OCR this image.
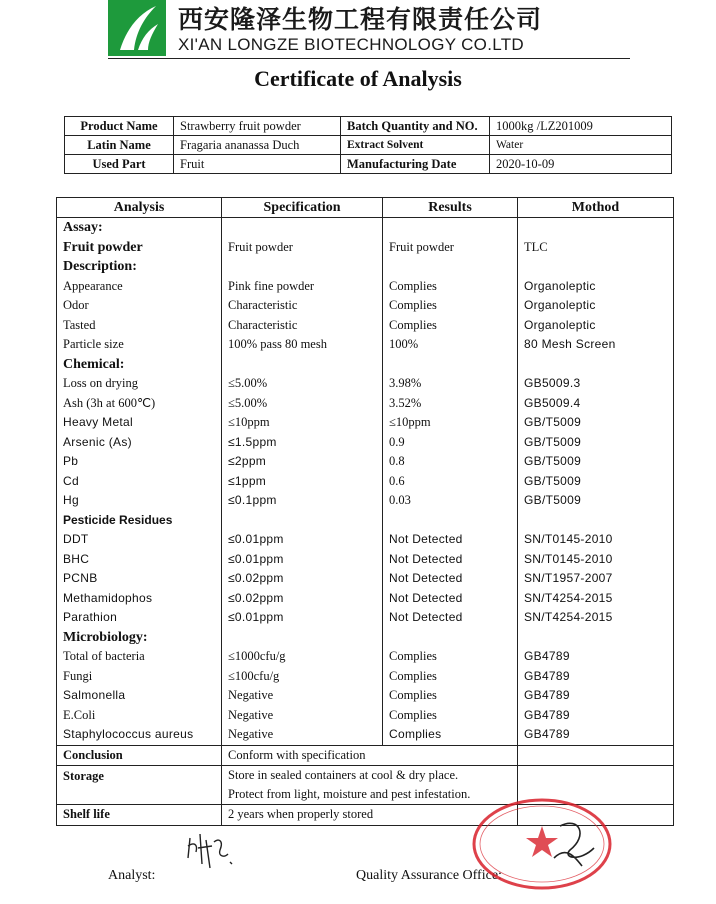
西安隆泽生物工程有限责任公司
XI'AN LONGZE BIOTECHNOLOGY CO.LTD
Certificate of Analysis
Product Name	Strawberry fruit powder	Batch Quantity and NO.	1000kg /LZ201009
Latin Name	Fragaria ananassa Duch	Extract Solvent	Water
Used Part	Fruit	Manufacturing Date	2020-10-09
Analysis	Specification	Results	Mothod
Assay:			
Fruit powder	Fruit powder	Fruit powder	TLC
Description:			
Appearance	Pink fine powder	Complies	Organoleptic
Odor	Characteristic	Complies	Organoleptic
Tasted	Characteristic	Complies	Organoleptic
Particle size	100% pass 80 mesh	100%	80 Mesh Screen
Chemical:			
Loss on drying	≤5.00%	3.98%	GB5009.3
Ash (3h at 600℃)	≤5.00%	3.52%	GB5009.4
Heavy Metal	≤10ppm	≤10ppm	GB/T5009
Arsenic (As)	≤1.5ppm	0.9	GB/T5009
Pb	≤2ppm	0.8	GB/T5009
Cd	≤1ppm	0.6	GB/T5009
Hg	≤0.1ppm	0.03	GB/T5009
Pesticide Residues			
DDT	≤0.01ppm	Not Detected	SN/T0145-2010
BHC	≤0.01ppm	Not Detected	SN/T0145-2010
PCNB	≤0.02ppm	Not Detected	SN/T1957-2007
Methamidophos	≤0.02ppm	Not Detected	SN/T4254-2015
Parathion	≤0.01ppm	Not Detected	SN/T4254-2015
Microbiology:			
Total of bacteria	≤1000cfu/g	Complies	GB4789
Fungi	≤100cfu/g	Complies	GB4789
Salmonella	Negative	Complies	GB4789
E.Coli	Negative	Complies	GB4789
Staphylococcus aureus	Negative	Complies	GB4789
Conclusion	Conform with specification		
Storage	Store in sealed containers at cool & dry place.
Protect from light, moisture and pest infestation.		

Shelf life	2 years when properly stored		
Analyst:	Quality Assurance Office:
